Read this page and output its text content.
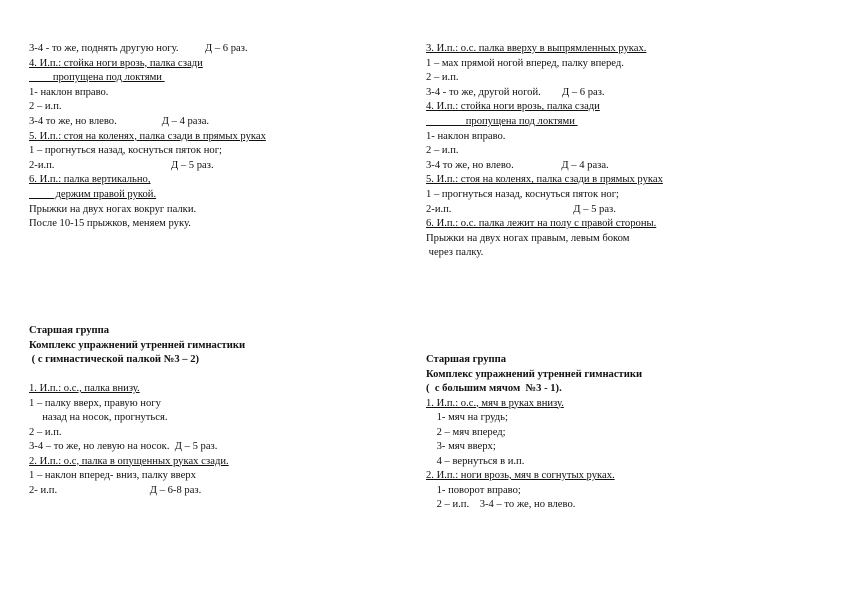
3-4 - то же, поднять другую ногу.          Д – 6 раз.
4. И.п.: стойка ноги врозь, палка сзади
пропущена под локтями
1- наклон вправо.
2 – и.п.
3-4 то же, но влево.                 Д – 4 раза.
5. И.п.: стоя на коленях, палка сзади в прямых руках
1 – прогнуться назад, коснуться пяток ног;
2-и.п.                                            Д – 5 раз.
6. И.п.: палка вертикально,
держим правой рукой.
Прыжки на двух ногах вокруг палки.
После 10-15 прыжков, меняем руку.
3. И.п.: о.с. палка вверху в выпрямленных руках.
1 – мах прямой ногой вперед, палку вперед.
2 – и.п.
3-4 - то же, другой ногой.        Д – 6 раз.
4. И.п.: стойка ноги врозь, палка сзади
пропущена под локтями
1- наклон вправо.
2 – и.п.
3-4 то же, но влево.                  Д – 4 раза.
5. И.п.: стоя на коленях, палка сзади в прямых руках
1 – прогнуться назад, коснуться пяток ног;
2-и.п.                                              Д – 5 раз.
6. И.п.: о.с. палка лежит на полу с правой стороны.
Прыжки на двух ногах правым, левым боком
через палку.
Старшая группа
Комплекс упражнений утренней гимнастики
( с гимнастической палкой №3 – 2)
1. И.п.: о.с., палка внизу.
1 – палку вверх, правую ногу
назад на носок, прогнуться.
2 – и.п.
3-4 – то же, но левую на носок.  Д – 5 раз.
2. И.п.: о.с, палка в опущенных руках сзади.
1 – наклон вперед- вниз, палку вверх
2- и.п.                                   Д – 6-8 раз.
Старшая группа
Комплекс упражнений утренней гимнастики
(  с большим мячом  №3 - 1).
1. И.п.: о.с., мяч в руках внизу.
1- мяч на грудь;
2 – мяч вперед;
3- мяч вверх;
4 – вернуться в и.п.
2. И.п.: ноги врозь, мяч в согнутых руках.
1- поворот вправо;
2 – и.п.    3-4 – то же, но влево.
